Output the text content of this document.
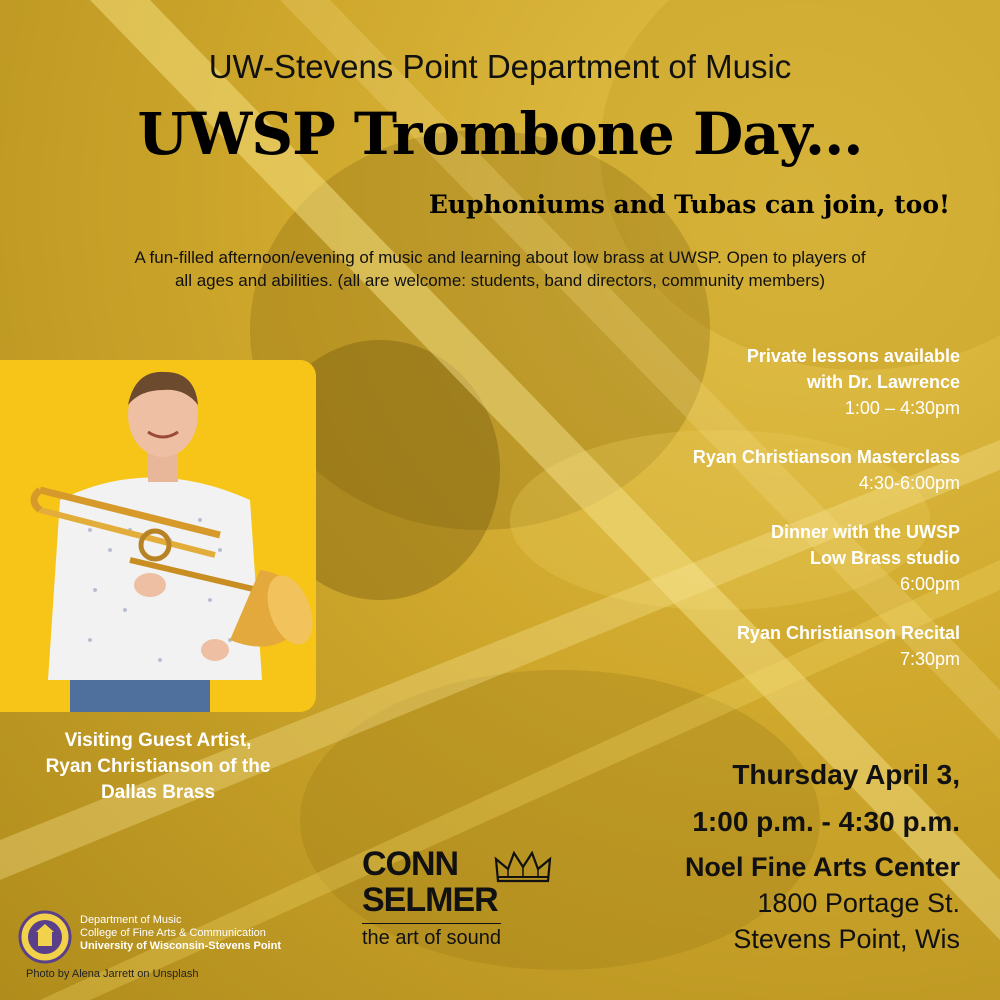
UW-Stevens Point Department of Music
UWSP Trombone Day...
Euphoniums and Tubas can join, too!
A fun-filled afternoon/evening of music and learning about low brass at UWSP. Open to players of
all ages and abilities. (all are welcome: students, band directors, community members)
Private lessons available
with Dr. Lawrence
1:00 – 4:30pm
Ryan Christianson Masterclass
4:30-6:00pm
Dinner with the UWSP
Low Brass studio
6:00pm
Ryan Christianson Recital
7:30pm
Visiting Guest Artist,
Ryan Christianson of the
Dallas Brass
Thursday April 3,
1:00 p.m. - 4:30 p.m.
Noel Fine Arts Center
1800 Portage St.
Stevens Point, Wis
CONN
SELMER
the art of sound
Department of Music
College of Fine Arts & Communication
University of Wisconsin-Stevens Point
Photo by Alena Jarrett on Unsplash
